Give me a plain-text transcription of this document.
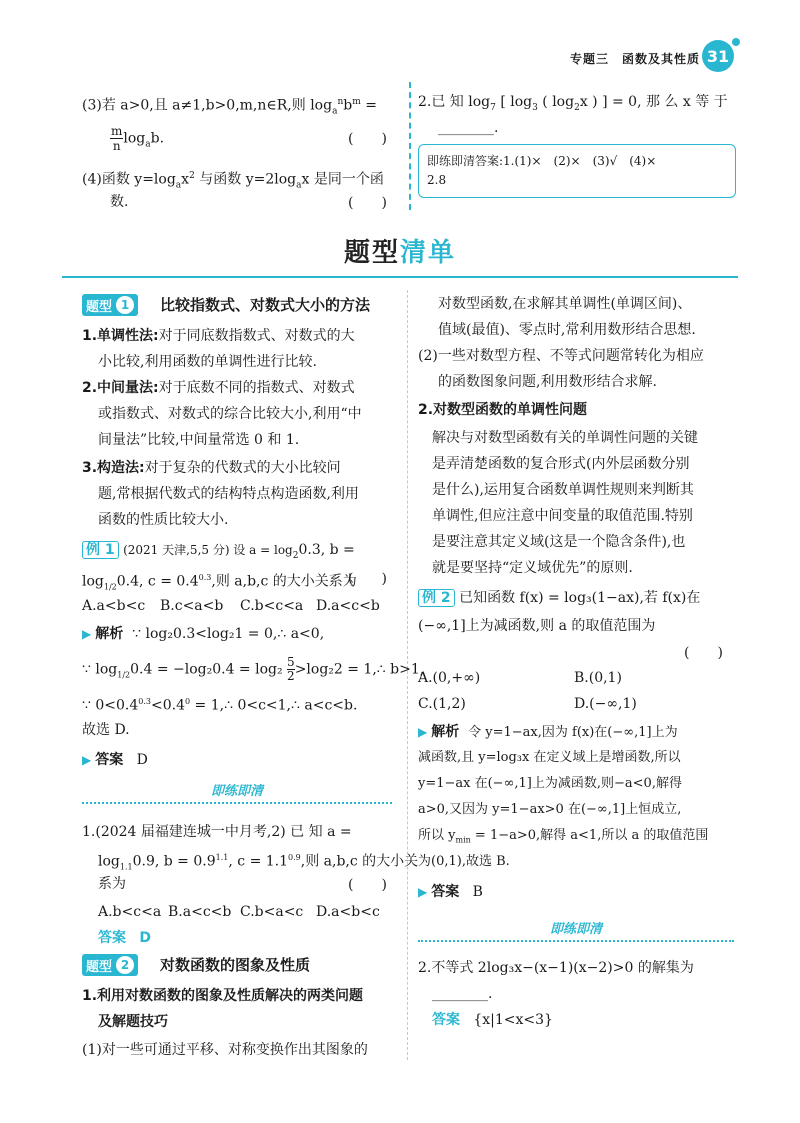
专题三　函数及其性质 31
(3)若 a>0,且 a≠1,b>0,m,n∈R,则 $\log_a^nb^m$ =
$\frac{m}{n} \log_ab$.	(　　)
(4)函数 $y=\log_ax^2$ 与函数 $y=2\log_ax$ 是同一个函
数.	(　　)
2.已 知 $\log_7$ [ $\log_3$ ( $\log_2x$ ) ] = 0, 那 么 x 等 于
________.
即练即清答案:1.(1)×　(2)×　(3)√　(4)×
2.8
题型清单
题型 1	比较指数式、对数式大小的方法
1.单调性法:对于同底数指数式、对数式的大
小比较,利用函数的单调性进行比较.
2.中间量法:对于底数不同的指数式、对数式
或指数式、对数式的综合比较大小,利用“中
间量法”比较,中间量常选 0 和 1.
3.构造法:对于复杂的代数式的大小比较问
题,常根据代数式的结构特点构造函数,利用
函数的性质比较大小.
例 1 (2021 天津,5,5 分) 设 $a = \log_20.3$, b =
$\log_{1/2}0.4$, $c = 0.4^{0.3}$,则 a,b,c 的大小关系为
(　　)
A.a<b<c B.c<a<b C.b<c<a D.a<c<b
▶ 解析 ∵ log₂0.3<log₂1 = 0,∴ a<0,
∵ $\log_{1/2}0.4 = -\log_20.4 = \log_2 \frac{5}{2} >\log_22$ = 1,∴ b>1,
∵ $0<0.4^{0.3}<0.4^0$ = 1,∴ 0<c<1,∴ a<c<b.
故选 D.
▶ 答案 D
即练即清
1.(2024 届福建连城一中月考,2) 已 知 a =
$\log_{1.1}0.9$, $b = 0.9^{1.1}$, $c = 1.1^{0.9}$,则 a,b,c 的大小关
系为	(　　)
A.b<c<a B.a<c<b C.b<a<c D.a<b<c
答案 D
题型 2	对数函数的图象及性质
1.利用对数函数的图象及性质解决的两类问题
及解题技巧
(1)对一些可通过平移、对称变换作出其图象的
对数型函数,在求解其单调性(单调区间)、
值域(最值)、零点时,常利用数形结合思想.
(2)一些对数型方程、不等式问题常转化为相应
的函数图象问题,利用数形结合求解.
2.对数型函数的单调性问题
解决与对数型函数有关的单调性问题的关键
是弄清楚函数的复合形式(内外层函数分别
是什么),运用复合函数单调性规则来判断其
单调性,但应注意中间变量的取值范围.特别
是要注意其定义域(这是一个隐含条件),也
就是要坚持“定义域优先”的原则.
例 2 已知函数 f(x) = log₃(1−ax),若 f(x)在
(−∞,1]上为减函数,则 a 的取值范围为
(　　)
A.(0,+∞)	B.(0,1)
C.(1,2)	D.(−∞,1)
▶ 解析 令 y=1−ax,因为 f(x)在(−∞,1]上为
减函数,且 y=log₃x 在定义域上是增函数,所以
y=1−ax 在(−∞,1]上为减函数,则−a<0,解得
a>0,又因为 y=1−ax>0 在(−∞,1]上恒成立,
所以 $y_{min} = 1-a>0$,解得 a<1,所以 a 的取值范围
为(0,1),故选 B.
▶ 答案 B
即练即清
2.不等式 2log₃x−(x−1)(x−2)>0 的解集为
________.
答案 {x|1<x<3}
